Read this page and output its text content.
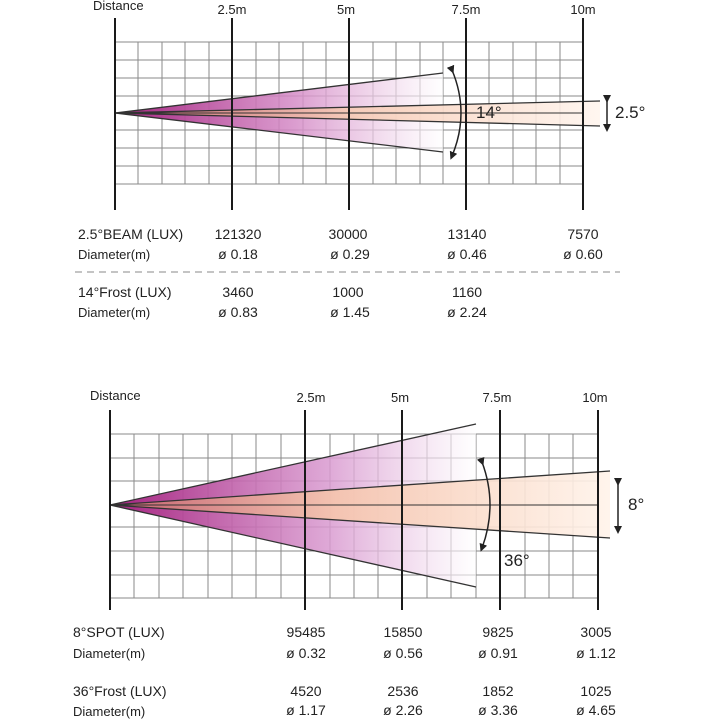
Distance	2.5m	5m	7.5m	10m
14°	2.5°
2.5°BEAM (LUX) 121320	30000	13140	7570
Diameter(m)	ø 0.18	ø 0.29	ø 0.46	ø 0.60
14°Frost (LUX)	3460	1000	1160
Diameter(m)	ø 0.83	ø 1.45	ø 2.24
Distance	2.5m	5m	7.5m	10m
36°
8°
8°SPOT (LUX)	95485	15850	9825	3005
Diameter(m)	ø 0.32	ø 0.56	ø 0.91	ø 1.12
36°Frost (LUX)	4520	2536	1852	1025
Diameter(m)	ø 1.17	ø 2.26	ø 3.36	ø 4.65
